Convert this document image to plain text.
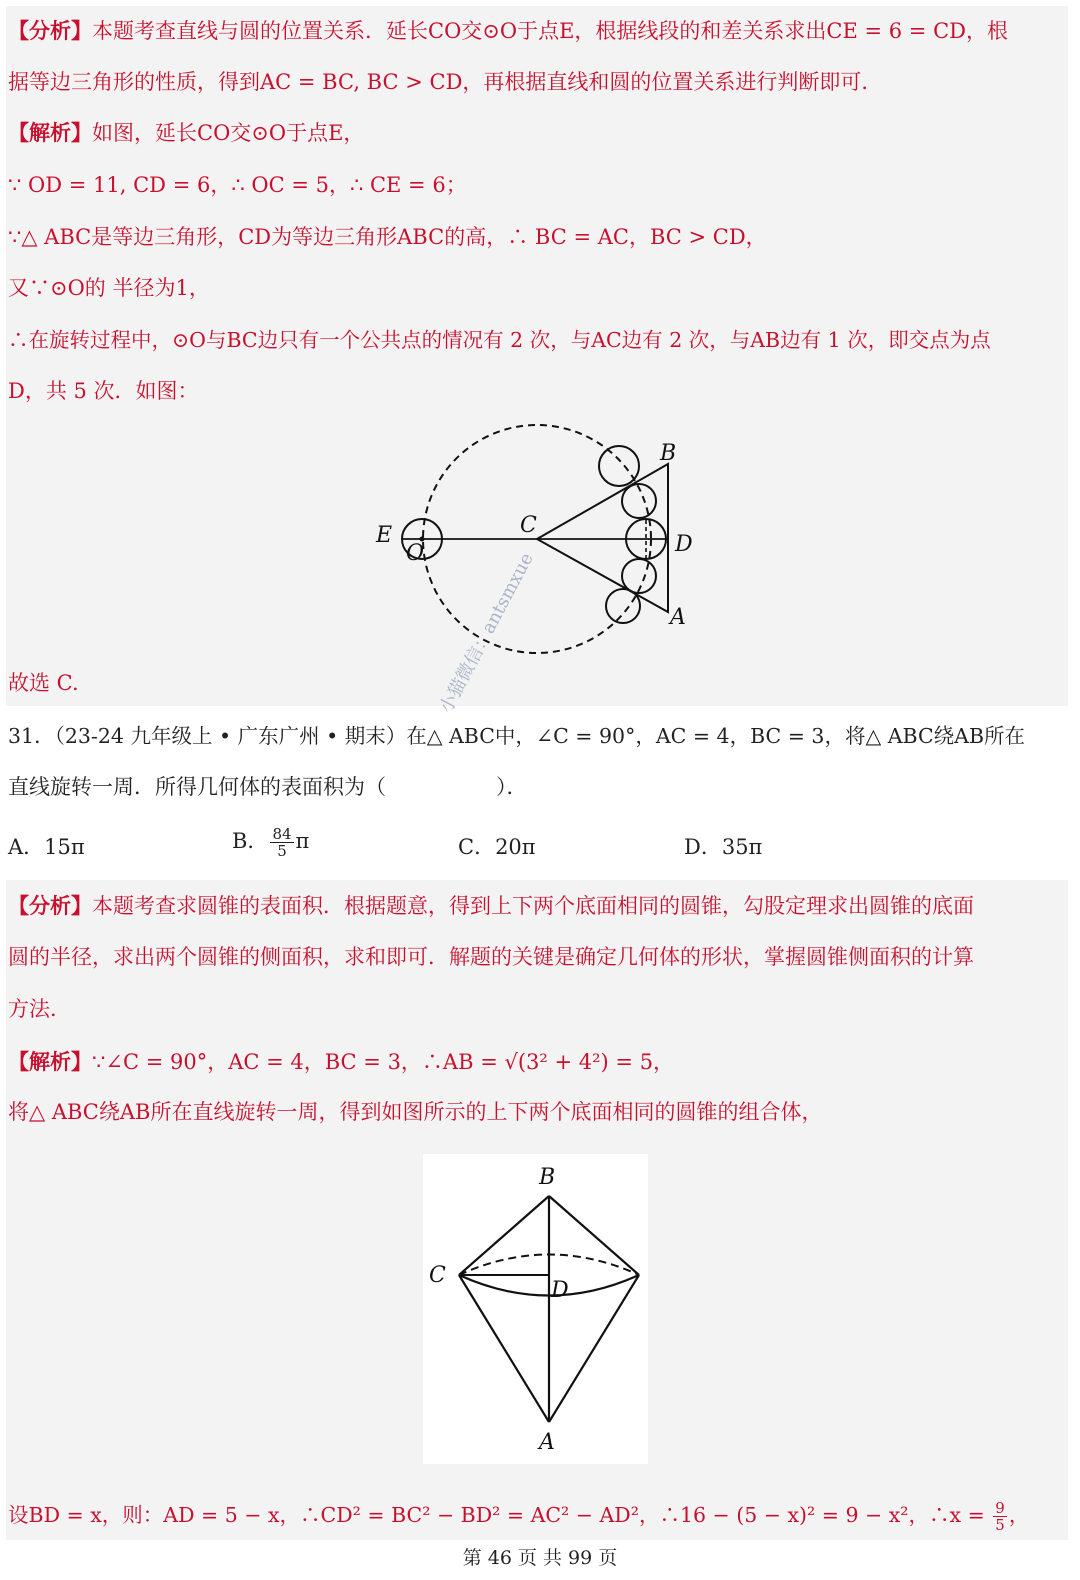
【分析】本题考查直线与圆的位置关系．延长CO交⊙O于点E，根据线段的和差关系求出CE = 6 = CD，根
据等边三角形的性质，得到AC = BC, BC > CD，再根据直线和圆的位置关系进行判断即可．
【解析】如图，延长CO交⊙O于点E，
∵ OD = 11, CD = 6，∴ OC = 5，∴ CE = 6；
∵△ ABC是等边三角形，CD为等边三角形ABC的高，∴ BC = AC，BC > CD，
又∵⊙O的 半径为1，
∴在旋转过程中，⊙O与BC边只有一个公共点的情况有 2 次，与AC边有 2 次，与AB边有 1 次，即交点为点
D，共 5 次．如图：
B
C
D
E
O
A
故选 C.
31．（23-24 九年级上 • 广东广州 • 期末）在△ ABC中，∠C = 90°，AC = 4，BC = 3，将△ ABC绕AB所在
直线旋转一周．所得几何体的表面积为（	）．
A．15π	B． $\frac{84}{5}$ π	C．20π	D．35π
【分析】本题考查求圆锥的表面积．根据题意，得到上下两个底面相同的圆锥，勾股定理求出圆锥的底面
圆的半径，求出两个圆锥的侧面积，求和即可．解题的关键是确定几何体的形状，掌握圆锥侧面积的计算
方法．
【解析】∵∠C = 90°，AC = 4，BC = 3，∴AB = √(3² + 4²) = 5，
将△ ABC绕AB所在直线旋转一周，得到如图所示的上下两个底面相同的圆锥的组合体，
B
C
D
A
设BD = x，则：AD = 5 − x，∴CD² = BC² − BD² = AC² − AD²，∴16 − (5 − x)² = 9 − x²，∴x = $\frac{9}{5}$ ，
小猫微信：antsmxue
第 46 页 共 99 页
